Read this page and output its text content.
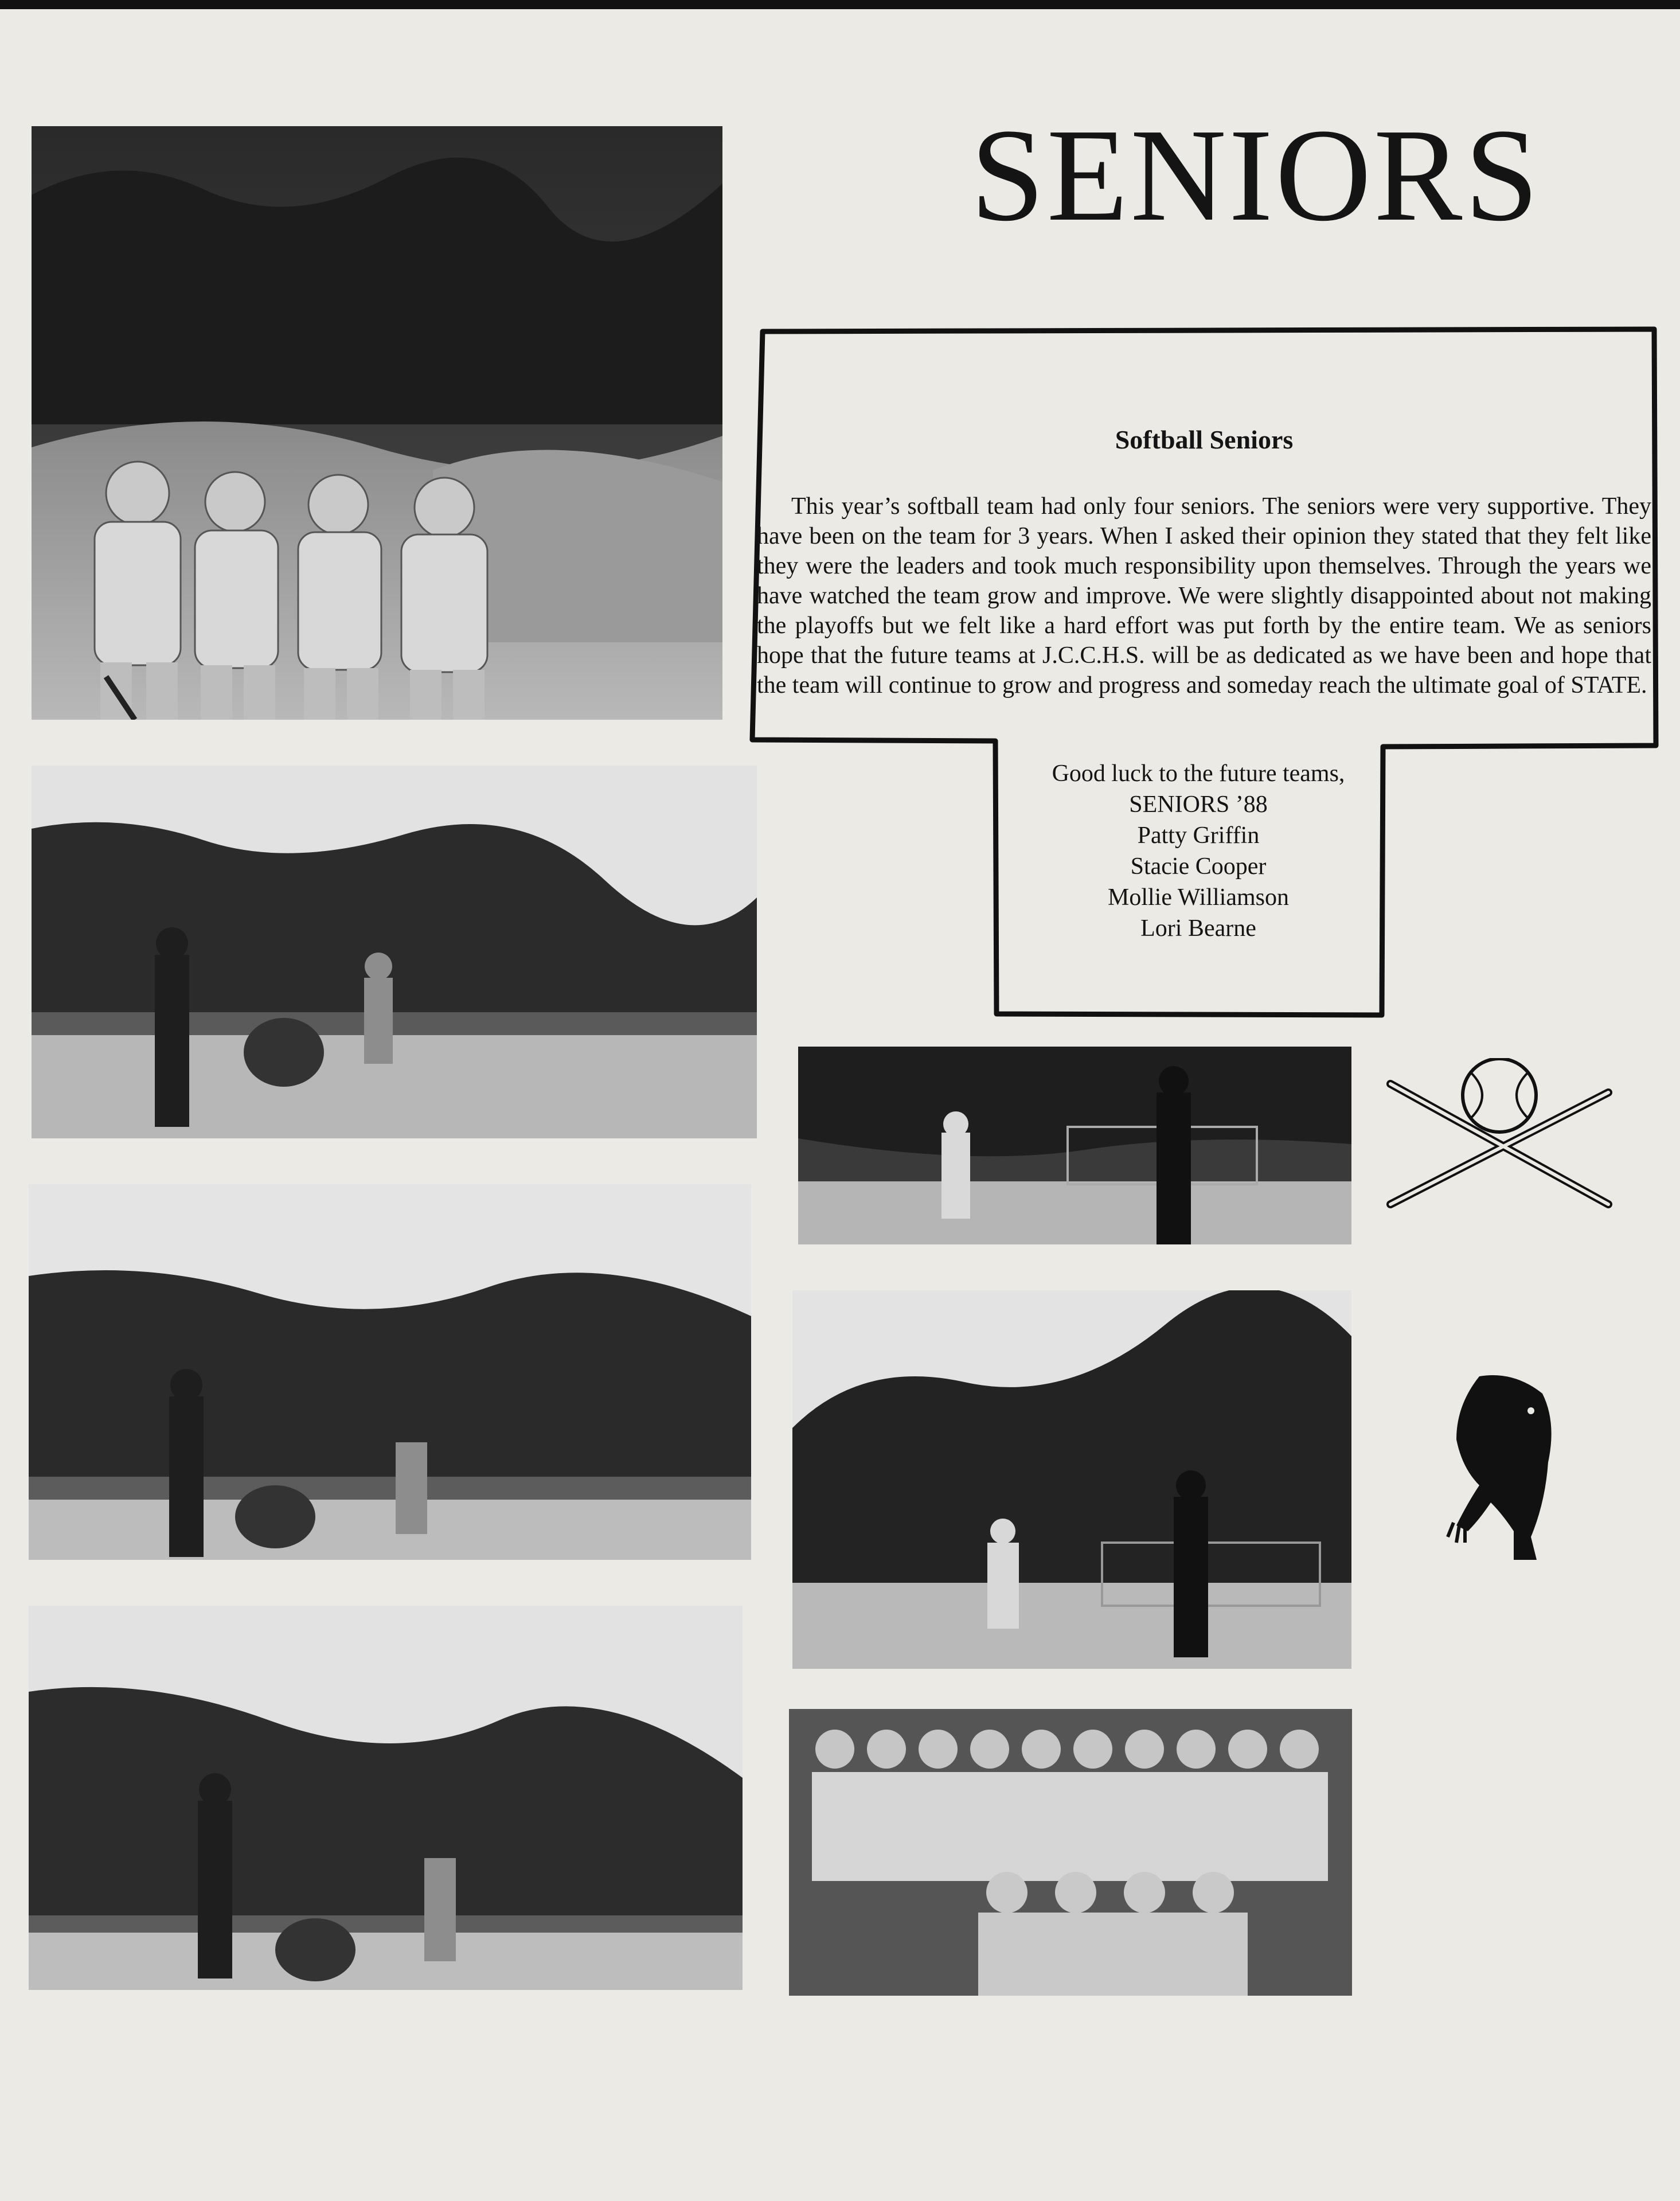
SENIORS
Softball Seniors

This year’s softball team had only four seniors. The seniors were very supportive. They have been on the team for 3 years. When I asked their opinion they stated that they felt like they were the leaders and took much responsibility upon themselves. Through the years we have watched the team grow and improve. We were slightly disappointed about not making the playoffs but we felt like a hard effort was put forth by the entire team. We as seniors hope that the future teams at J.C.C.H.S. will be as dedicated as we have been and hope that the team will continue to grow and progress and someday reach the ultimate goal of STATE.

Good luck to the future teams,
SENIORS ’88
Patty Griffin
Stacie Cooper
Mollie Williamson
Lori Bearne
